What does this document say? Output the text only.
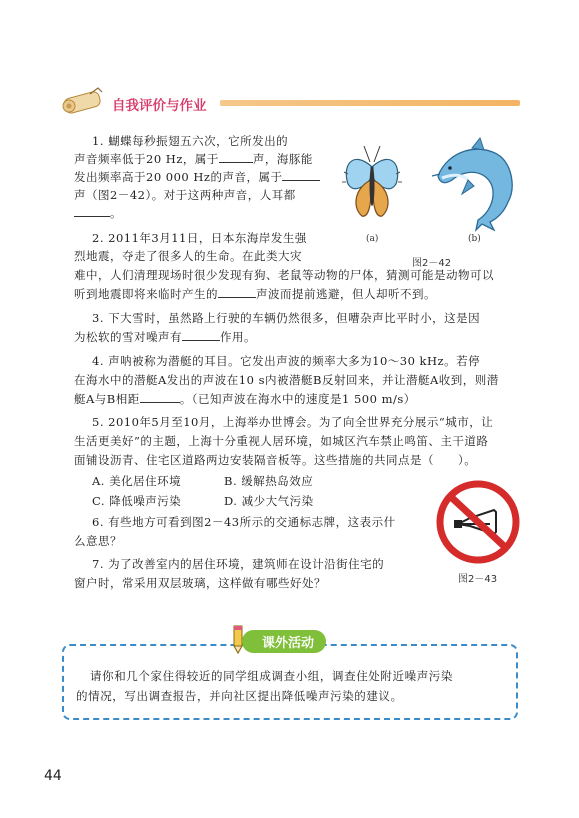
自我评价与作业
1. 蝴蝶每秒振翅五六次，它所发出的
声音频率低于20 Hz，属于	声，海豚能
发出频率高于20 000 Hz的声音，属于
声（图2－42）。对于这两种声音，人耳都
。
(a)	(b)
图2－42
2. 2011年3月11日，日本东海岸发生强
烈地震，夺走了很多人的生命。在此类大灾
难中，人们清理现场时很少发现有狗、老鼠等动物的尸体，猜测可能是动物可以
听到地震即将来临时产生的	声波而提前逃避，但人却听不到。
3. 下大雪时，虽然路上行驶的车辆仍然很多，但嘈杂声比平时小，这是因
为松软的雪对噪声有	作用。
4. 声呐被称为潜艇的耳目。它发出声波的频率大多为10～30 kHz。若停
在海水中的潜艇A发出的声波在10 s内被潜艇B反射回来，并让潜艇A收到，则潜
艇A与B相距	。（已知声波在海水中的速度是1 500 m/s）
5. 2010年5月至10月，上海举办世博会。为了向全世界充分展示“城市，让
生活更美好”的主题，上海十分重视人居环境，如城区汽车禁止鸣笛、主干道路
面铺设沥青、住宅区道路两边安装隔音板等。这些措施的共同点是（　　）。
A. 美化居住环境	B. 缓解热岛效应
C. 降低噪声污染	D. 减少大气污染
6. 有些地方可看到图2－43所示的交通标志牌，这表示什
么意思？
7. 为了改善室内的居住环境，建筑师在设计沿街住宅的
窗户时，常采用双层玻璃，这样做有哪些好处？	图2－43
课外活动
请你和几个家住得较近的同学组成调查小组，调查住处附近噪声污染
的情况，写出调查报告，并向社区提出降低噪声污染的建议。
44
